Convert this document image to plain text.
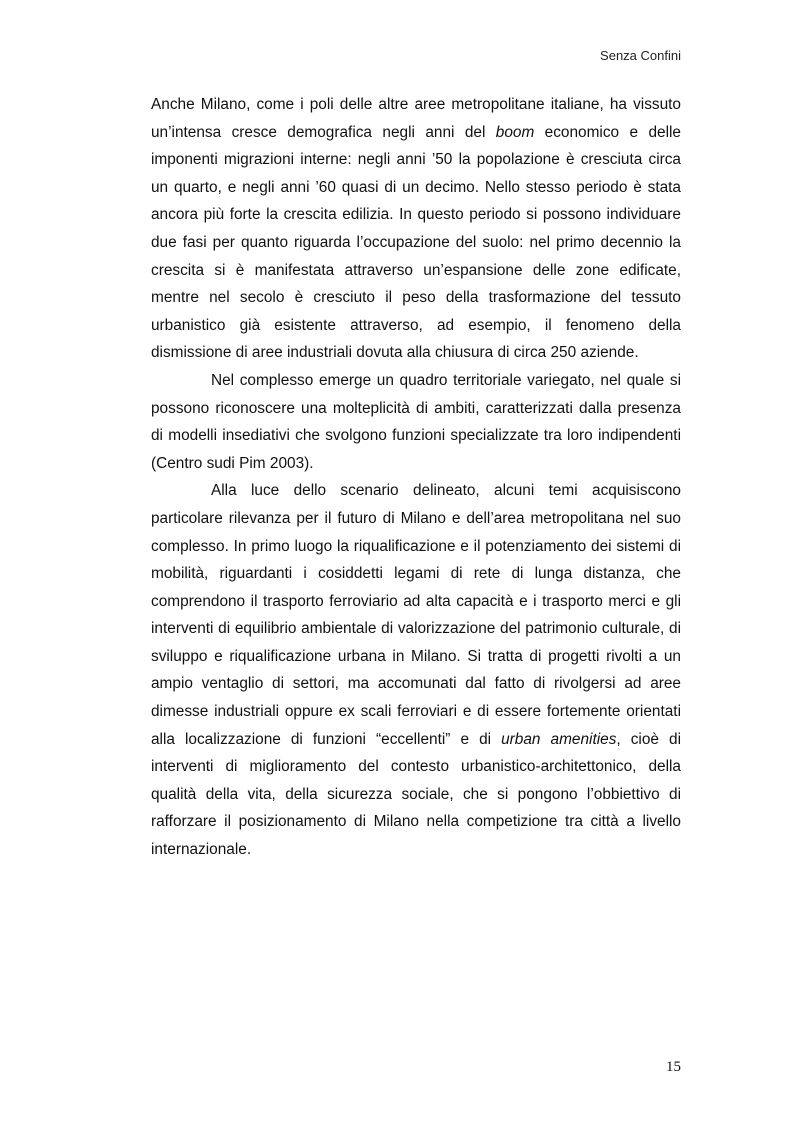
Senza Confini

Anche Milano, come i poli delle altre aree metropolitane italiane, ha vissuto un’intensa cresce demografica negli anni del boom economico e delle imponenti migrazioni interne: negli anni ’50 la popolazione è cresciuta circa un quarto, e negli anni ’60 quasi di un decimo. Nello stesso periodo è stata ancora più forte la crescita edilizia. In questo periodo si possono individuare due fasi per quanto riguarda l’occupazione del suolo: nel primo decennio la crescita si è manifestata attraverso un’espansione delle zone edificate, mentre nel secolo è cresciuto il peso della trasformazione del tessuto urbanistico già esistente attraverso, ad esempio, il fenomeno della dismissione di aree industriali dovuta alla chiusura di circa 250 aziende.

Nel complesso emerge un quadro territoriale variegato, nel quale si possono riconoscere una molteplicità di ambiti, caratterizzati dalla presenza di modelli insediativi che svolgono funzioni specializzate tra loro indipendenti (Centro sudi Pim 2003).

Alla luce dello scenario delineato, alcuni temi acquisiscono particolare rilevanza per il futuro di Milano e dell’area metropolitana nel suo complesso. In primo luogo la riqualificazione e il potenziamento dei sistemi di mobilità, riguardanti i cosiddetti legami di rete di lunga distanza, che comprendono il trasporto ferroviario ad alta capacità e i trasporto merci e gli interventi di equilibrio ambientale di valorizzazione del patrimonio culturale, di sviluppo e riqualificazione urbana in Milano. Si tratta di progetti rivolti a un ampio ventaglio di settori, ma accomunati dal fatto di rivolgersi ad aree dimesse industriali oppure ex scali ferroviari e di essere fortemente orientati alla localizzazione di funzioni “eccellenti” e di urban amenities, cioè di interventi di miglioramento del contesto urbanistico-architettonico, della qualità della vita, della sicurezza sociale, che si pongono l’obbiettivo di rafforzare il posizionamento di Milano nella competizione tra città a livello internazionale.

15
